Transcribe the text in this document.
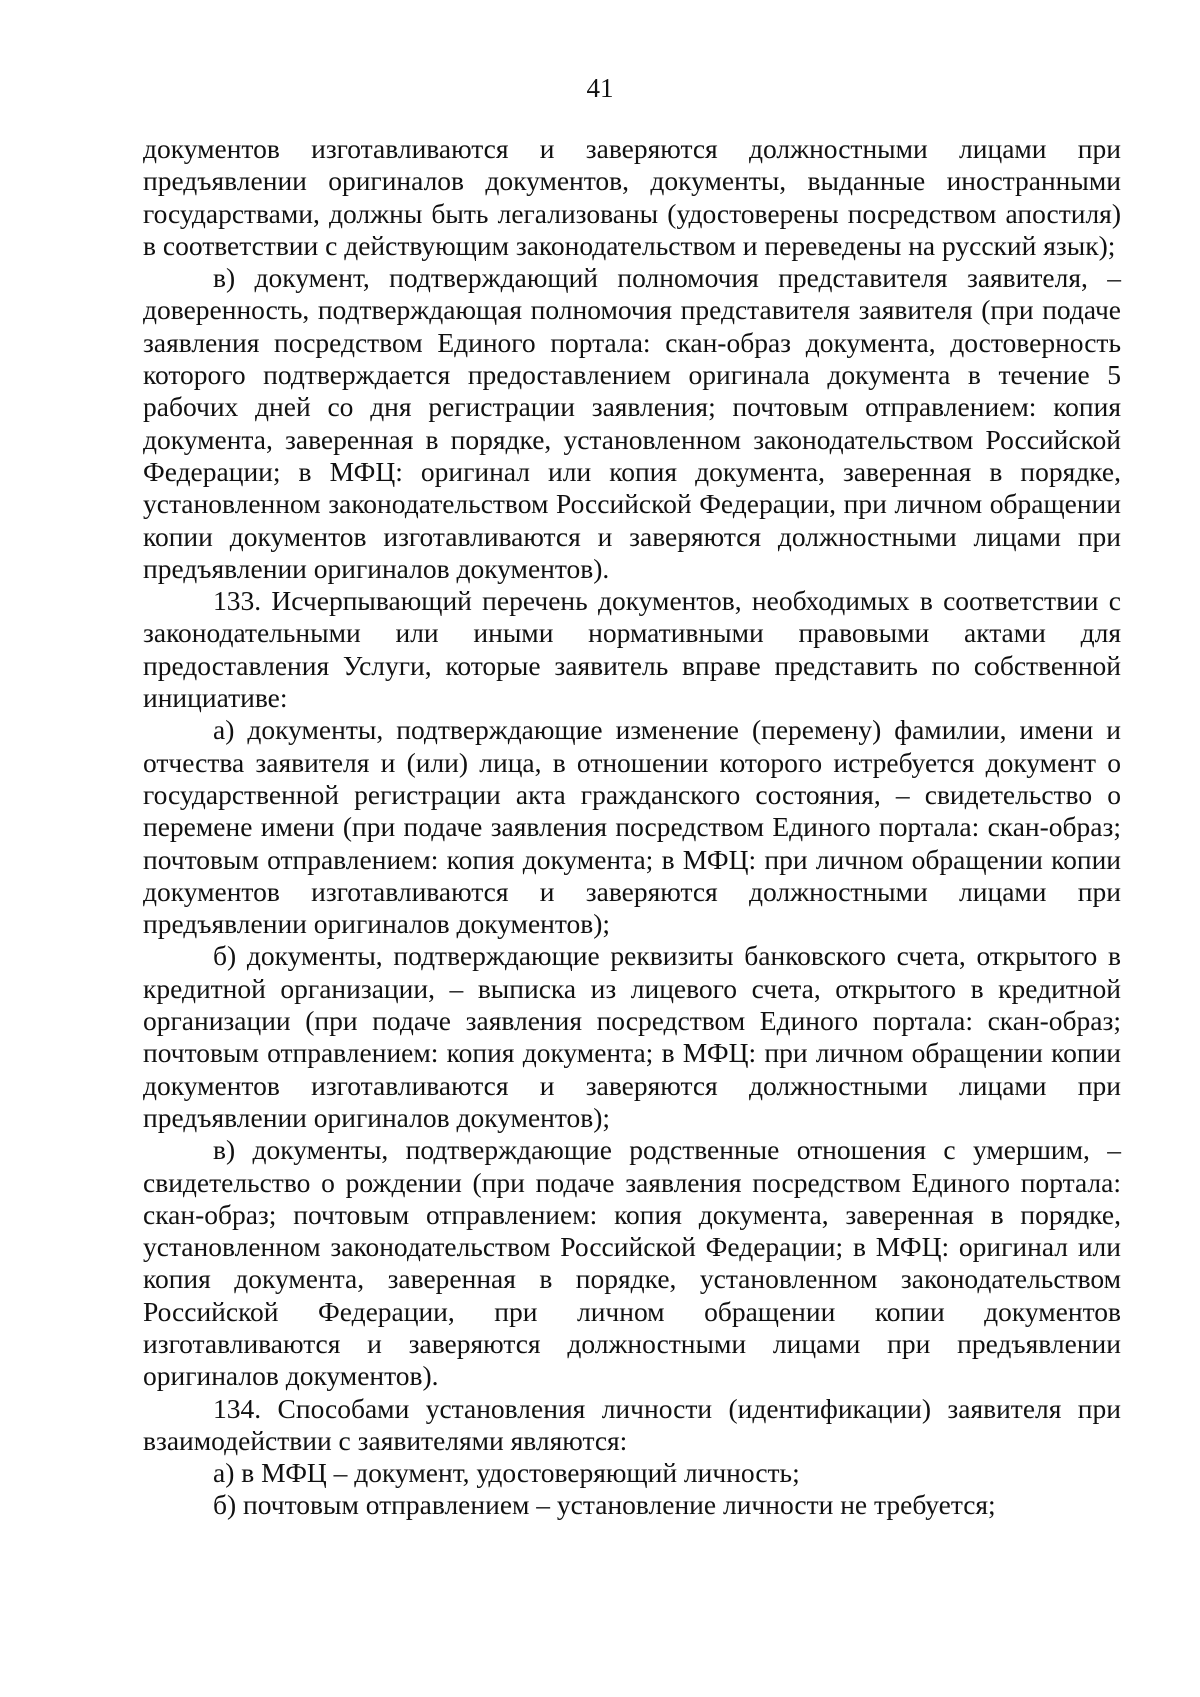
41

документов изготавливаются и заверяются должностными лицами при предъявлении оригиналов документов, документы, выданные иностранными государствами, должны быть легализованы (удостоверены посредством апостиля) в соответствии с действующим законодательством и переведены на русский язык);

в) документ, подтверждающий полномочия представителя заявителя, – доверенность, подтверждающая полномочия представителя заявителя (при подаче заявления посредством Единого портала: скан-образ документа, достоверность которого подтверждается предоставлением оригинала документа в течение 5 рабочих дней со дня регистрации заявления; почтовым отправлением: копия документа, заверенная в порядке, установленном законодательством Российской Федерации; в МФЦ: оригинал или копия документа, заверенная в порядке, установленном законодательством Российской Федерации, при личном обращении копии документов изготавливаются и заверяются должностными лицами при предъявлении оригиналов документов).

133. Исчерпывающий перечень документов, необходимых в соответствии с законодательными или иными нормативными правовыми актами для предоставления Услуги, которые заявитель вправе представить по собственной инициативе:

а) документы, подтверждающие изменение (перемену) фамилии, имени и отчества заявителя и (или) лица, в отношении которого истребуется документ о государственной регистрации акта гражданского состояния, – свидетельство о перемене имени (при подаче заявления посредством Единого портала: скан-образ; почтовым отправлением: копия документа; в МФЦ: при личном обращении копии документов изготавливаются и заверяются должностными лицами при предъявлении оригиналов документов);

б) документы, подтверждающие реквизиты банковского счета, открытого в кредитной организации, – выписка из лицевого счета, открытого в кредитной организации (при подаче заявления посредством Единого портала: скан-образ; почтовым отправлением: копия документа; в МФЦ: при личном обращении копии документов изготавливаются и заверяются должностными лицами при предъявлении оригиналов документов);

в) документы, подтверждающие родственные отношения с умершим, – свидетельство о рождении (при подаче заявления посредством Единого портала: скан-образ; почтовым отправлением: копия документа, заверенная в порядке, установленном законодательством Российской Федерации; в МФЦ: оригинал или копия документа, заверенная в порядке, установленном законодательством Российской Федерации, при личном обращении копии документов изготавливаются и заверяются должностными лицами при предъявлении оригиналов документов).

134. Способами установления личности (идентификации) заявителя при взаимодействии с заявителями являются:

а) в МФЦ – документ, удостоверяющий личность;

б) почтовым отправлением – установление личности не требуется;
